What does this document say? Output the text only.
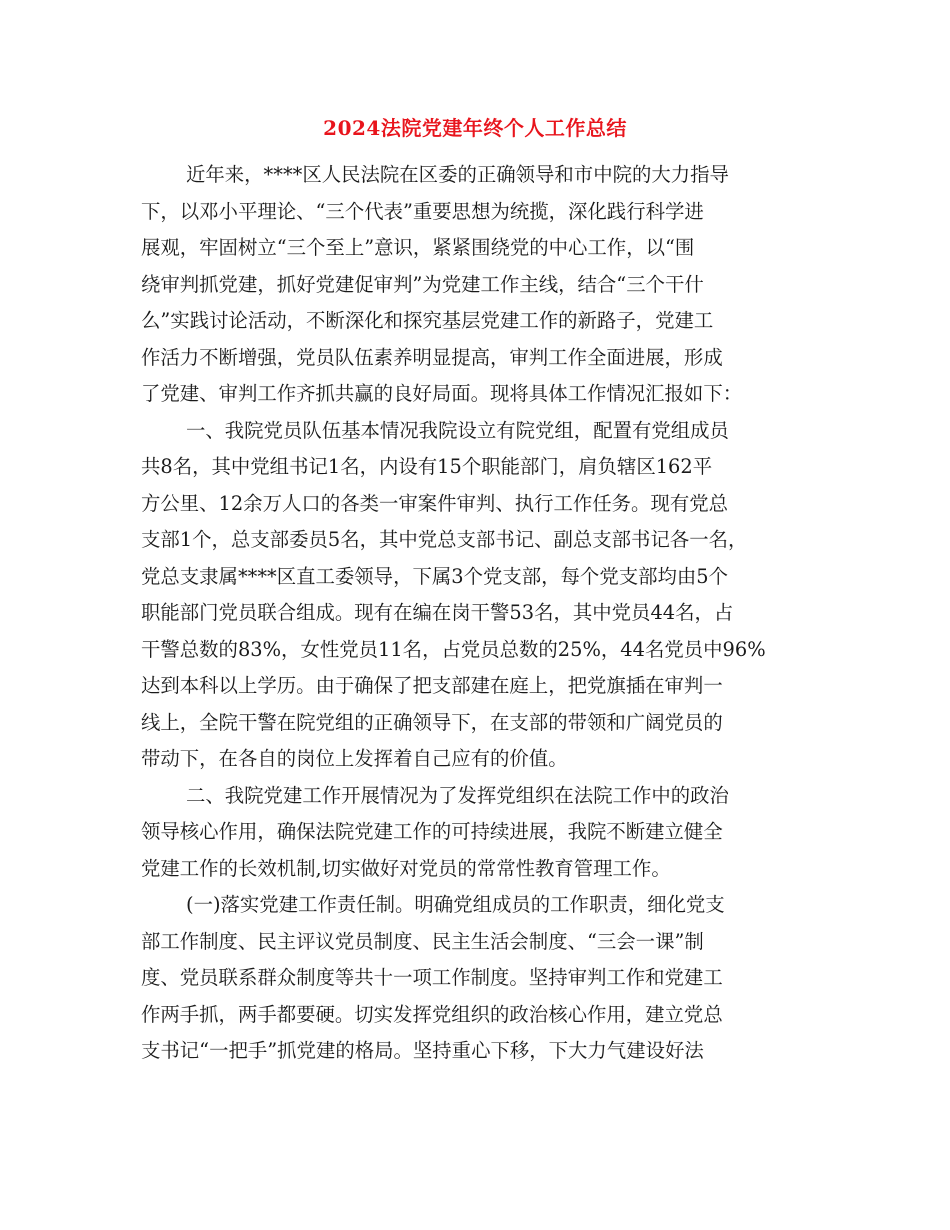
2024法院党建年终个人工作总结
近年来，****区人民法院在区委的正确领导和市中院的大力指导
下，以邓小平理论、“三个代表”重要思想为统揽，深化践行科学进
展观，牢固树立“三个至上”意识，紧紧围绕党的中心工作，以“围
绕审判抓党建，抓好党建促审判”为党建工作主线，结合“三个干什
么”实践讨论活动，不断深化和探究基层党建工作的新路子，党建工
作活力不断增强，党员队伍素养明显提高，审判工作全面进展，形成
了党建、审判工作齐抓共赢的良好局面。现将具体工作情况汇报如下：
一、我院党员队伍基本情况我院设立有院党组，配置有党组成员
共8名，其中党组书记1名，内设有15个职能部门，肩负辖区162平
方公里、12余万人口的各类一审案件审判、执行工作任务。现有党总
支部1个，总支部委员5名，其中党总支部书记、副总支部书记各一名，
党总支隶属****区直工委领导，下属3个党支部，每个党支部均由5个
职能部门党员联合组成。现有在编在岗干警53名，其中党员44名，占
干警总数的83%，女性党员11名，占党员总数的25%，44名党员中96%
达到本科以上学历。由于确保了把支部建在庭上，把党旗插在审判一
线上，全院干警在院党组的正确领导下，在支部的带领和广阔党员的
带动下，在各自的岗位上发挥着自己应有的价值。
二、我院党建工作开展情况为了发挥党组织在法院工作中的政治
领导核心作用，确保法院党建工作的可持续进展，我院不断建立健全
党建工作的长效机制,切实做好对党员的常常性教育管理工作。
(一)落实党建工作责任制。明确党组成员的工作职责，细化党支
部工作制度、民主评议党员制度、民主生活会制度、“三会一课”制
度、党员联系群众制度等共十一项工作制度。坚持审判工作和党建工
作两手抓，两手都要硬。切实发挥党组织的政治核心作用，建立党总
支书记“一把手”抓党建的格局。坚持重心下移，下大力气建设好法
